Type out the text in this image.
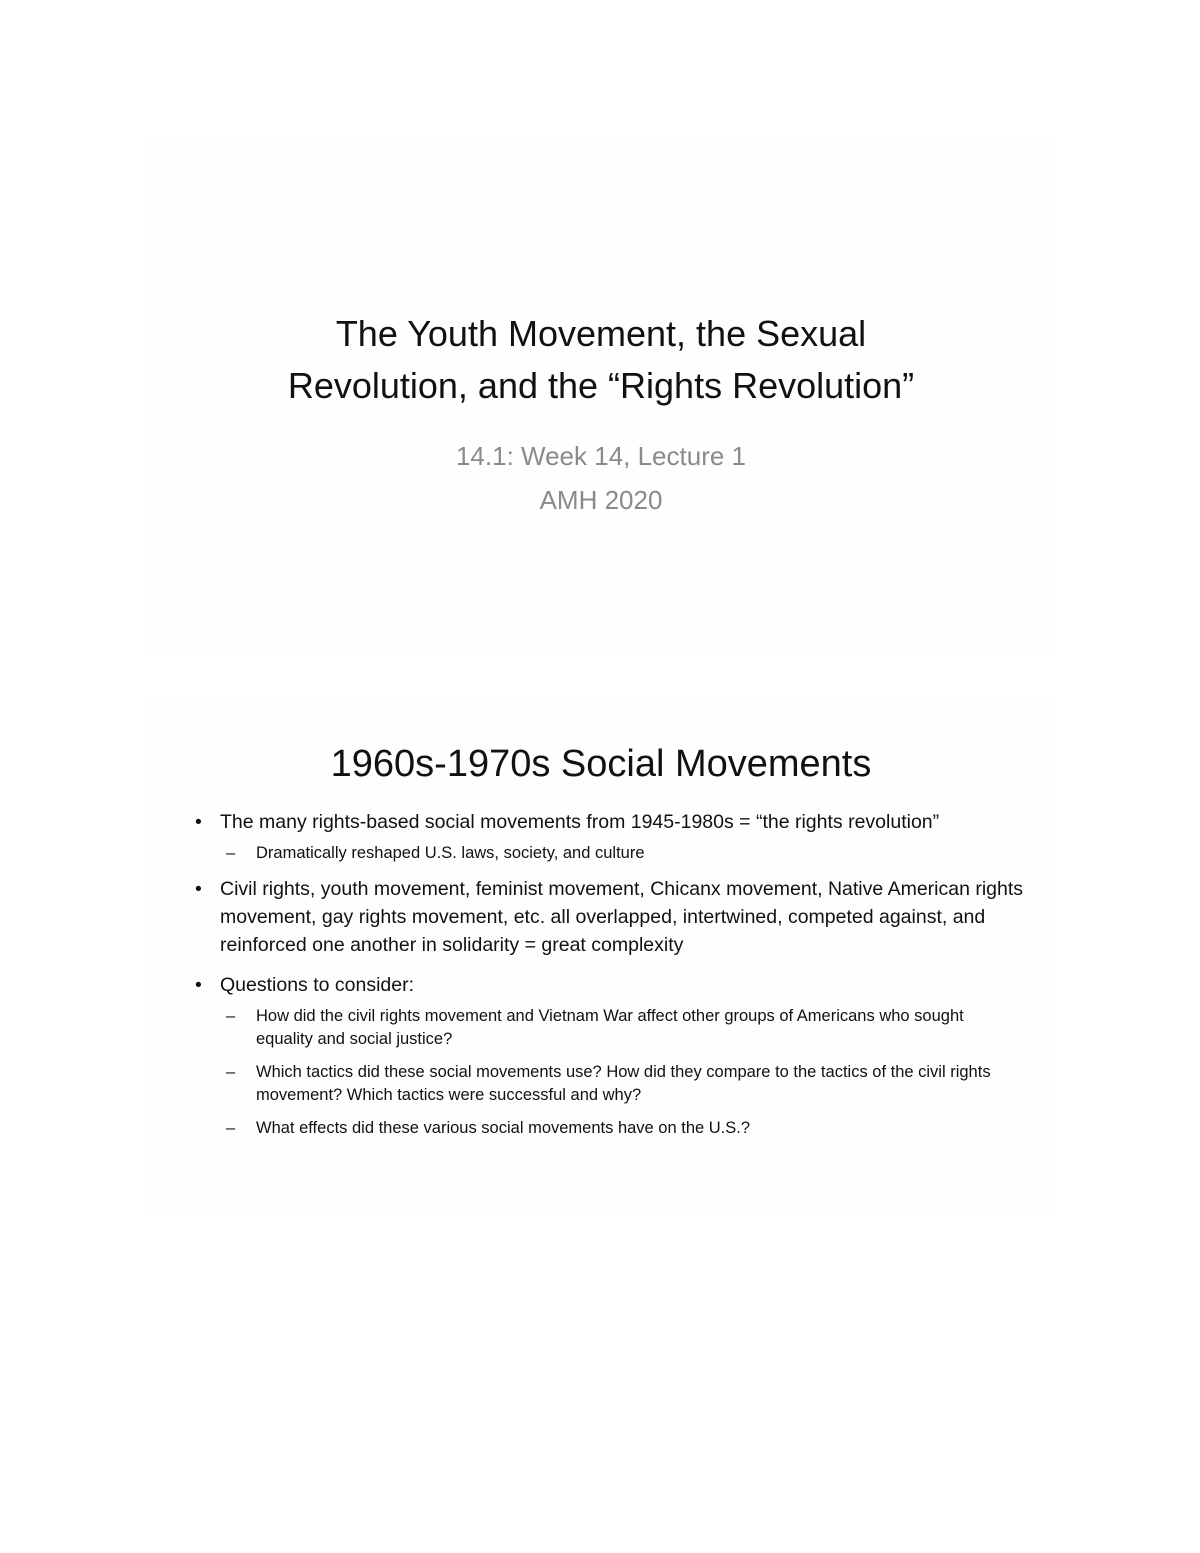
The Youth Movement, the Sexual
Revolution, and the “Rights Revolution”
14.1: Week 14, Lecture 1
AMH 2020
1960s-1970s Social Movements
• The many rights-based social movements from 1945-1980s = “the rights revolution”
– Dramatically reshaped U.S. laws, society, and culture
• Civil rights, youth movement, feminist movement, Chicanx movement, Native American rights movement, gay rights movement, etc. all overlapped, intertwined, competed against, and reinforced one another in solidarity = great complexity
• Questions to consider:
– How did the civil rights movement and Vietnam War affect other groups of Americans who sought equality and social justice?
– Which tactics did these social movements use? How did they compare to the tactics of the civil rights movement? Which tactics were successful and why?
– What effects did these various social movements have on the U.S.?
